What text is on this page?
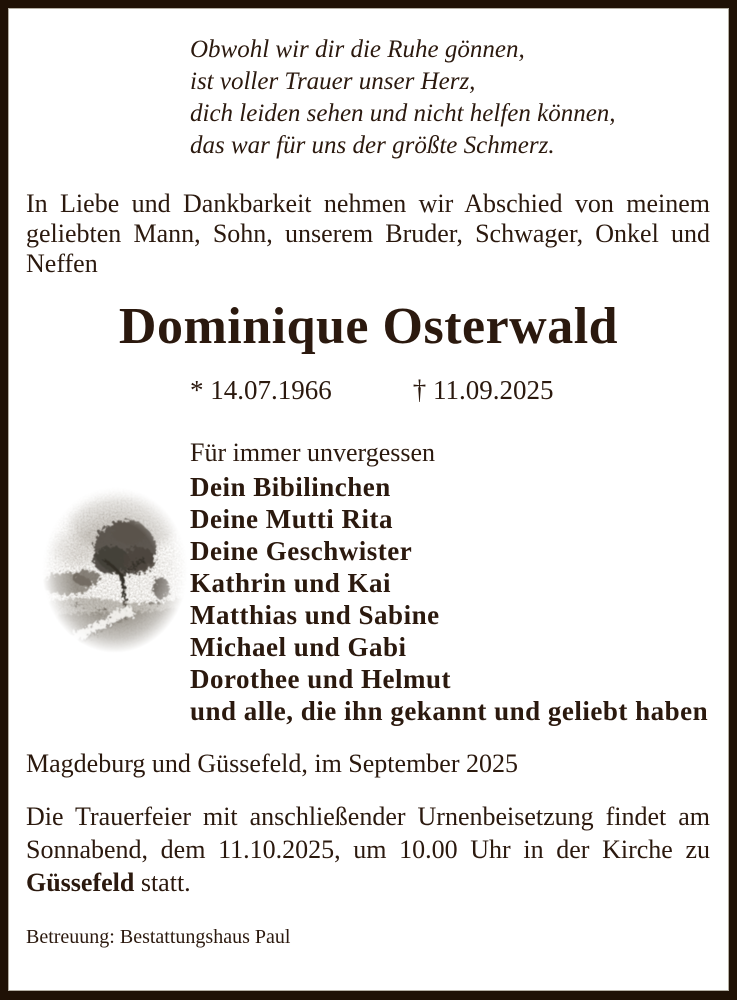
Obwohl wir dir die Ruhe gönnen,
ist voller Trauer unser Herz,
dich leiden sehen und nicht helfen können,
das war für uns der größte Schmerz.
In Liebe und Dankbarkeit nehmen wir Abschied von meinem geliebten Mann, Sohn, unserem Bruder, Schwager, Onkel und Neffen
Dominique Osterwald
* 14.07.1966	† 11.09.2025
Für immer unvergessen
Dein Bibilinchen
Deine Mutti Rita
Deine Geschwister
Kathrin und Kai
Matthias und Sabine
Michael und Gabi
Dorothee und Helmut
und alle, die ihn gekannt und geliebt haben
Magdeburg und Güssefeld, im September 2025
Die Trauerfeier mit anschließender Urnenbeisetzung findet am Sonnabend, dem 11.10.2025, um 10.00 Uhr in der Kirche zu Güssefeld statt.
Betreuung: Bestattungshaus Paul
